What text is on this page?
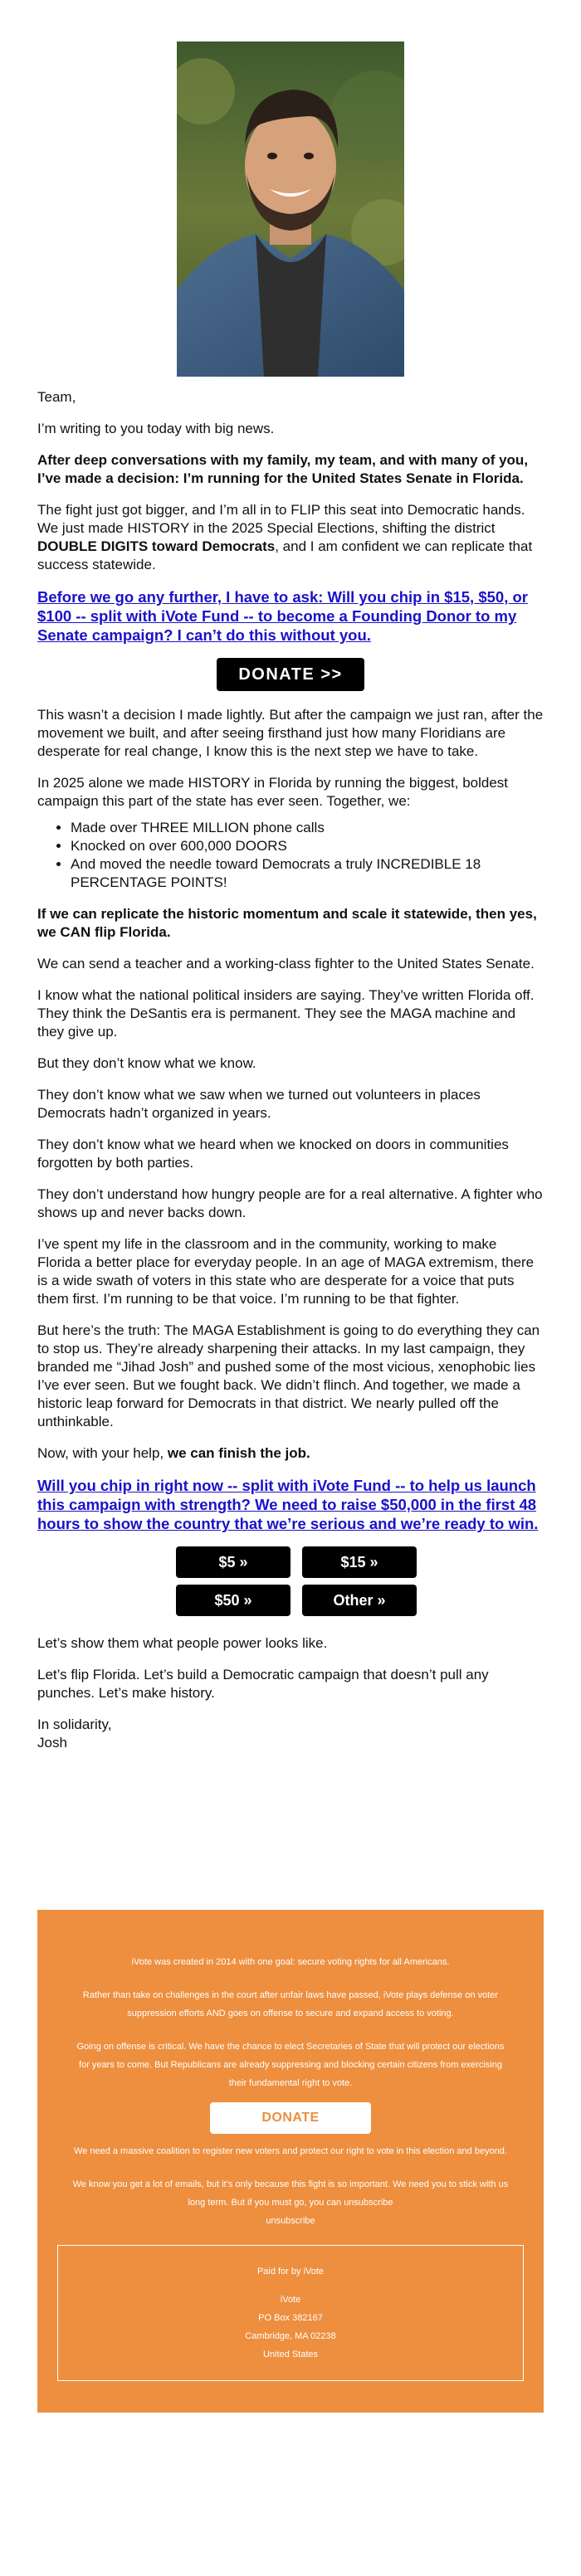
Team,

I’m writing to you today with big news.

After deep conversations with my family, my team, and with many of you, I’ve made a decision: I’m running for the United States Senate in Florida.

The fight just got bigger, and I’m all in to FLIP this seat into Democratic hands. We just made HISTORY in the 2025 Special Elections, shifting the district DOUBLE DIGITS toward Democrats, and I am confident we can replicate that success statewide.

Before we go any further, I have to ask: Will you chip in $15, $50, or $100 -- split with iVote Fund -- to become a Founding Donor to my Senate campaign? I can’t do this without you.

DONATE >>

This wasn’t a decision I made lightly. But after the campaign we just ran, after the movement we built, and after seeing firsthand just how many Floridians are desperate for real change, I know this is the next step we have to take.

In 2025 alone we made HISTORY in Florida by running the biggest, boldest campaign this part of the state has ever seen. Together, we:

• Made over THREE MILLION phone calls
• Knocked on over 600,000 DOORS
• And moved the needle toward Democrats a truly INCREDIBLE 18 PERCENTAGE POINTS!

If we can replicate the historic momentum and scale it statewide, then yes, we CAN flip Florida.

We can send a teacher and a working-class fighter to the United States Senate.

I know what the national political insiders are saying. They’ve written Florida off. They think the DeSantis era is permanent. They see the MAGA machine and they give up.

But they don’t know what we know.

They don’t know what we saw when we turned out volunteers in places Democrats hadn’t organized in years.

They don’t know what we heard when we knocked on doors in communities forgotten by both parties.

They don’t understand how hungry people are for a real alternative. A fighter who shows up and never backs down.

I’ve spent my life in the classroom and in the community, working to make Florida a better place for everyday people. In an age of MAGA extremism, there is a wide swath of voters in this state who are desperate for a voice that puts them first. I’m running to be that voice. I’m running to be that fighter.

But here’s the truth: The MAGA Establishment is going to do everything they can to stop us. They’re already sharpening their attacks. In my last campaign, they branded me “Jihad Josh” and pushed some of the most vicious, xenophobic lies I’ve ever seen. But we fought back. We didn’t flinch. And together, we made a historic leap forward for Democrats in that district. We nearly pulled off the unthinkable.

Now, with your help, we can finish the job.

Will you chip in right now -- split with iVote Fund -- to help us launch this campaign with strength? We need to raise $50,000 in the first 48 hours to show the country that we’re serious and we’re ready to win.

$5 »	$15 »
$50 »	Other »

Let’s show them what people power looks like.

Let’s flip Florida. Let’s build a Democratic campaign that doesn’t pull any punches. Let’s make history.

In solidarity,
Josh

iVote was created in 2014 with one goal: secure voting rights for all Americans.

Rather than take on challenges in the court after unfair laws have passed, iVote plays defense on voter suppression efforts AND goes on offense to secure and expand access to voting.

Going on offense is critical. We have the chance to elect Secretaries of State that will protect our elections for years to come. But Republicans are already suppressing and blocking certain citizens from exercising their fundamental right to vote.

DONATE

We need a massive coalition to register new voters and protect our right to vote in this election and beyond.

We know you get a lot of emails, but it’s only because this fight is so important. We need you to stick with us long term. But if you must go, you can unsubscribe
unsubscribe

Paid for by iVote
iVote
PO Box 382167
Cambridge, MA 02238
United States
